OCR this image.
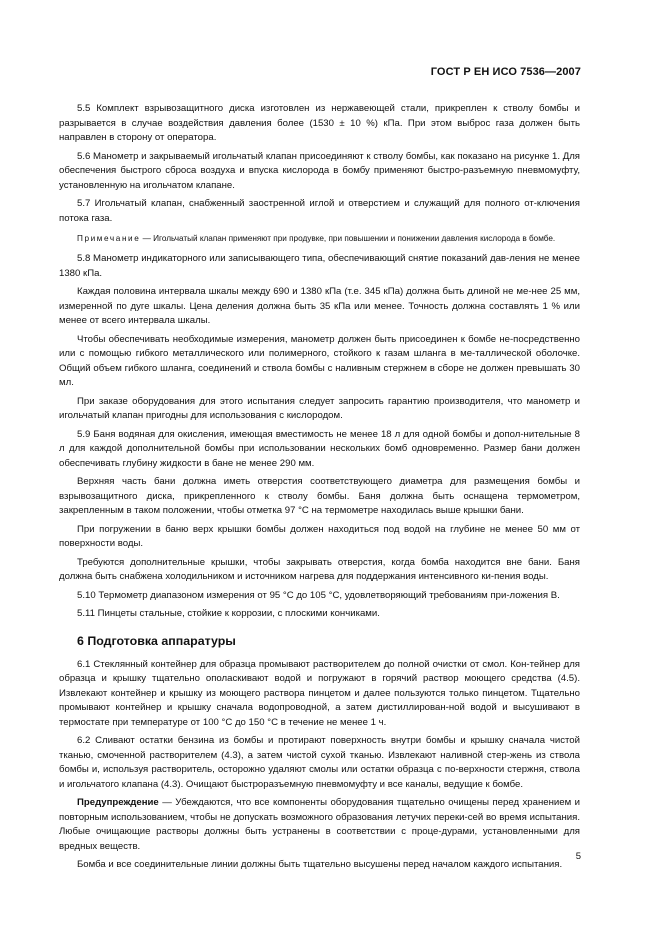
ГОСТ Р ЕН ИСО 7536—2007

5.5 Комплект взрывозащитного диска изготовлен из нержавеющей стали, прикреплен к стволу бомбы и разрывается в случае воздействия давления более (1530 ± 10 %) кПа. При этом выброс газа должен быть направлен в сторону от оператора.

5.6 Манометр и закрываемый игольчатый клапан присоединяют к стволу бомбы, как показано на рисунке 1. Для обеспечения быстрого сброса воздуха и впуска кислорода в бомбу применяют быстро-разъемную пневмомуфту, установленную на игольчатом клапане.

5.7 Игольчатый клапан, снабженный заостренной иглой и отверстием и служащий для полного от-ключения потока газа.

Примечание — Игольчатый клапан применяют при продувке, при повышении и понижении давления кислорода в бомбе.

5.8 Манометр индикаторного или записывающего типа, обеспечивающий снятие показаний дав-ления не менее 1380 кПа.

Каждая половина интервала шкалы между 690 и 1380 кПа (т.е. 345 кПа) должна быть длиной не ме-нее 25 мм, измеренной по дуге шкалы. Цена деления должна быть 35 кПа или менее. Точность должна составлять 1 % или менее от всего интервала шкалы.

Чтобы обеспечивать необходимые измерения, манометр должен быть присоединен к бомбе не-посредственно или с помощью гибкого металлического или полимерного, стойкого к газам шланга в ме-таллической оболочке. Общий объем гибкого шланга, соединений и ствола бомбы с наливным стержнем в сборе не должен превышать 30 мл.

При заказе оборудования для этого испытания следует запросить гарантию производителя, что манометр и игольчатый клапан пригодны для использования с кислородом.

5.9 Баня водяная для окисления, имеющая вместимость не менее 18 л для одной бомбы и допол-нительные 8 л для каждой дополнительной бомбы при использовании нескольких бомб одновременно. Размер бани должен обеспечивать глубину жидкости в бане не менее 290 мм.

Верхняя часть бани должна иметь отверстия соответствующего диаметра для размещения бомбы и взрывозащитного диска, прикрепленного к стволу бомбы. Баня должна быть оснащена термометром, закрепленным в таком положении, чтобы отметка 97 °С на термометре находилась выше крышки бани.

При погружении в баню верх крышки бомбы должен находиться под водой на глубине не менее 50 мм от поверхности воды.

Требуются дополнительные крышки, чтобы закрывать отверстия, когда бомба находится вне бани. Баня должна быть снабжена холодильником и источником нагрева для поддержания интенсивного ки-пения воды.

5.10 Термометр диапазоном измерения от 95 °С до 105 °С, удовлетворяющий требованиям при-ложения В.

5.11 Пинцеты стальные, стойкие к коррозии, с плоскими кончиками.

6 Подготовка аппаратуры

6.1 Стеклянный контейнер для образца промывают растворителем до полной очистки от смол. Кон-тейнер для образца и крышку тщательно ополаскивают водой и погружают в горячий раствор моющего средства (4.5). Извлекают контейнер и крышку из моющего раствора пинцетом и далее пользуются только пинцетом. Тщательно промывают контейнер и крышку сначала водопроводной, а затем дистиллирован-ной водой и высушивают в термостате при температуре от 100 °С до 150 °С в течение не менее 1 ч.

6.2 Сливают остатки бензина из бомбы и протирают поверхность внутри бомбы и крышку сначала чистой тканью, смоченной растворителем (4.3), а затем чистой сухой тканью. Извлекают наливной стер-жень из ствола бомбы и, используя растворитель, осторожно удаляют смолы или остатки образца с по-верхности стержня, ствола и игольчатого клапана (4.3). Очищают быстроразъемную пневмомуфту и все каналы, ведущие к бомбе.

Предупреждение — Убеждаются, что все компоненты оборудования тщательно очищены перед хранением и повторным использованием, чтобы не допускать возможного образования летучих переки-сей во время испытания. Любые очищающие растворы должны быть устранены в соответствии с проце-дурами, установленными для вредных веществ.

Бомба и все соединительные линии должны быть тщательно высушены перед началом каждого испытания.

5
